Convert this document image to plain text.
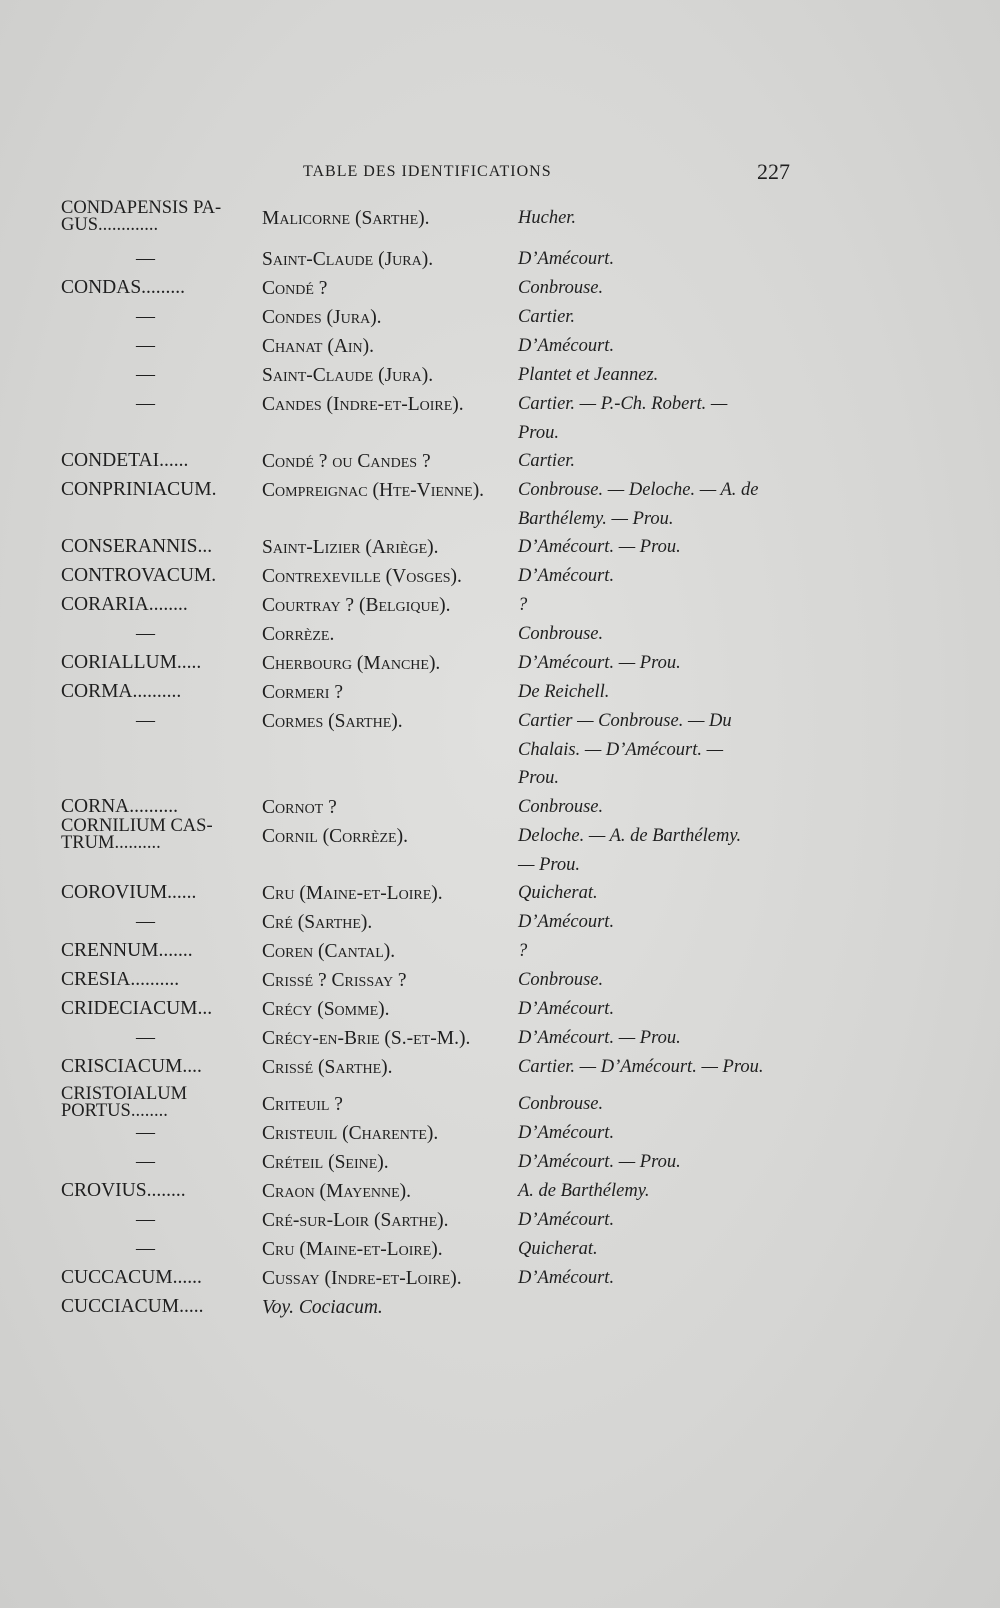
TABLE DES IDENTIFICATIONS	227
CONDAPENSIS PA-
GUS.............	Malicorne (Sarthe).	Hucher.
—	Saint-Claude (Jura).	D’Amécourt.
CONDAS.........	Condé ?	Conbrouse.
—	Condes (Jura).	Cartier.
—	Chanat (Ain).	D’Amécourt.
—	Saint-Claude (Jura).	Plantet et Jeannez.
—	Candes (Indre-et-Loire).	Cartier. — P.-Ch. Robert. —
Prou.
CONDETAI......	Condé ? ou Candes ?	Cartier.
CONPRINIACUM.	Compreignac (Hte-Vienne).	Conbrouse. — Deloche. — A. de
Barthélemy. — Prou.
CONSERANNIS...	Saint-Lizier (Ariège).	D’Amécourt. — Prou.
CONTROVACUM.	Contrexeville (Vosges).	D’Amécourt.
CORARIA........	Courtray ? (Belgique).	?
—	Corrèze.	Conbrouse.
CORIALLUM.....	Cherbourg (Manche).	D’Amécourt. — Prou.
CORMA..........	Cormeri ?	De Reichell.
—	Cormes (Sarthe).	Cartier — Conbrouse. — Du
Chalais. — D’Amécourt. —
Prou.
CORNA..........	Cornot ?	Conbrouse.
CORNILIUM CAS-
TRUM..........	Cornil (Corrèze).	Deloche. — A. de Barthélemy.
— Prou.
COROVIUM......	Cru (Maine-et-Loire).	Quicherat.
—	Cré (Sarthe).	D’Amécourt.
CRENNUM.......	Coren (Cantal).	?
CRESIA..........	Crissé ? Crissay ?	Conbrouse.
CRIDECIACUM...	Crécy (Somme).	D’Amécourt.
—	Crécy-en-Brie (S.-et-M.).	D’Amécourt. — Prou.
CRISCIACUM....	Crissé (Sarthe).	Cartier. — D’Amécourt. — Prou.
CRISTOIALUM
PORTUS........	Criteuil ?	Conbrouse.
—	Cristeuil (Charente).	D’Amécourt.
—	Créteil (Seine).	D’Amécourt. — Prou.
CROVIUS........	Craon (Mayenne).	A. de Barthélemy.
—	Cré-sur-Loir (Sarthe).	D’Amécourt.
—	Cru (Maine-et-Loire).	Quicherat.
CUCCACUM......	Cussay (Indre-et-Loire).	D’Amécourt.
CUCCIACUM.....	Voy. Cociacum.
